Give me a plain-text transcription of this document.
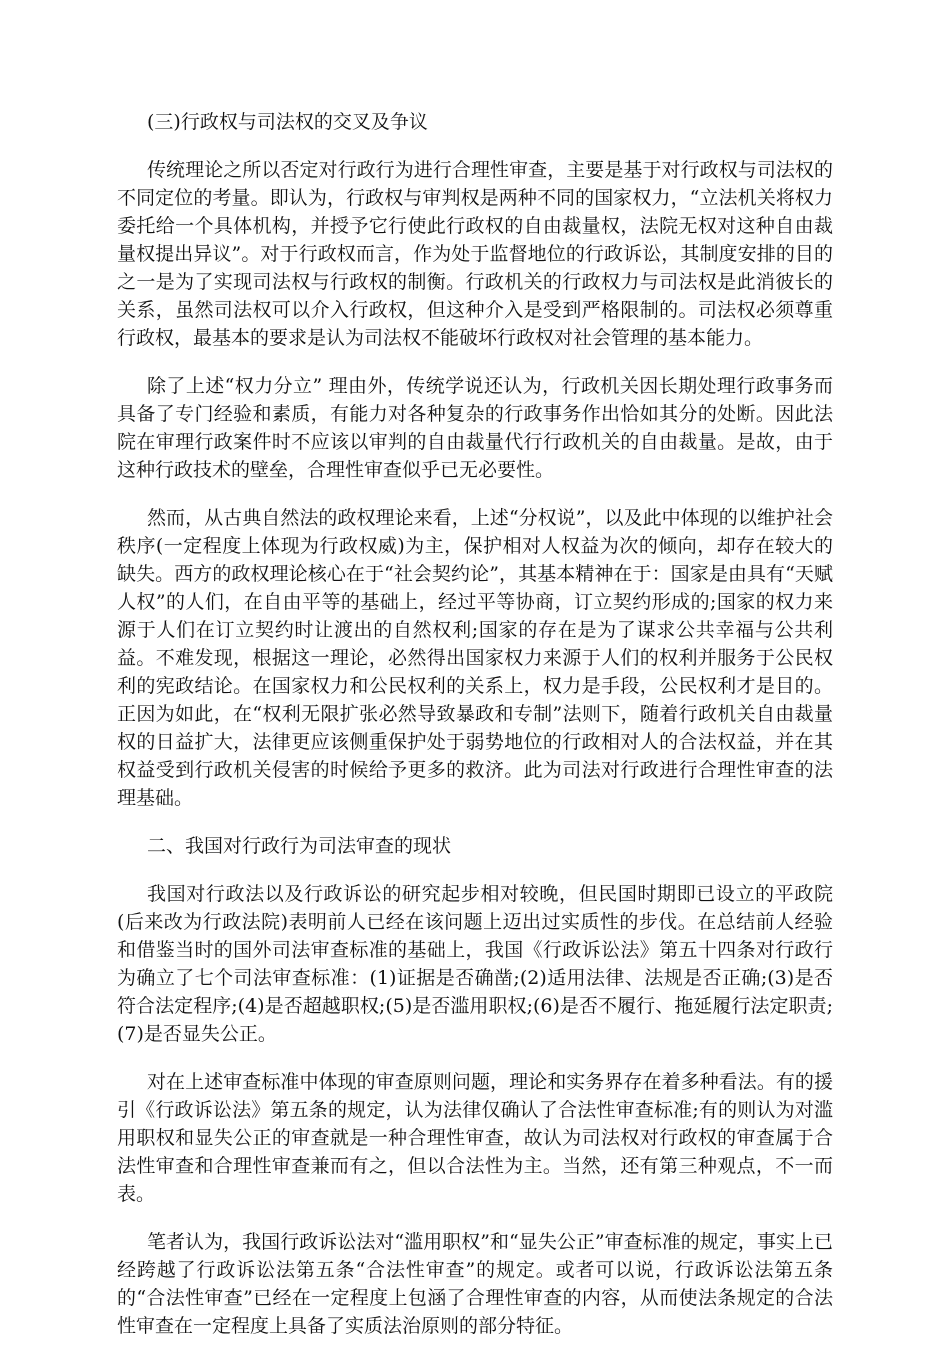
(三)行政权与司法权的交叉及争议

传统理论之所以否定对行政行为进行合理性审查，主要是基于对行政权与司法权的不同定位的考量。即认为，行政权与审判权是两种不同的国家权力，“立法机关将权力委托给一个具体机构，并授予它行使此行政权的自由裁量权，法院无权对这种自由裁量权提出异议”。对于行政权而言，作为处于监督地位的行政诉讼，其制度安排的目的之一是为了实现司法权与行政权的制衡。行政机关的行政权力与司法权是此消彼长的关系，虽然司法权可以介入行政权，但这种介入是受到严格限制的。司法权必须尊重行政权，最基本的要求是认为司法权不能破坏行政权对社会管理的基本能力。

除了上述“权力分立” 理由外，传统学说还认为，行政机关因长期处理行政事务而具备了专门经验和素质，有能力对各种复杂的行政事务作出恰如其分的处断。因此法院在审理行政案件时不应该以审判的自由裁量代行行政机关的自由裁量。是故，由于这种行政技术的壁垒，合理性审查似乎已无必要性。

然而，从古典自然法的政权理论来看，上述“分权说”，以及此中体现的以维护社会秩序(一定程度上体现为行政权威)为主，保护相对人权益为次的倾向，却存在较大的缺失。西方的政权理论核心在于“社会契约论”，其基本精神在于：国家是由具有“天赋人权”的人们，在自由平等的基础上，经过平等协商，订立契约形成的;国家的权力来源于人们在订立契约时让渡出的自然权利;国家的存在是为了谋求公共幸福与公共利益。不难发现，根据这一理论，必然得出国家权力来源于人们的权利并服务于公民权利的宪政结论。在国家权力和公民权利的关系上，权力是手段，公民权利才是目的。正因为如此，在“权利无限扩张必然导致暴政和专制”法则下，随着行政机关自由裁量权的日益扩大，法律更应该侧重保护处于弱势地位的行政相对人的合法权益，并在其权益受到行政机关侵害的时候给予更多的救济。此为司法对行政进行合理性审查的法理基础。

二、我国对行政行为司法审查的现状

我国对行政法以及行政诉讼的研究起步相对较晚，但民国时期即已设立的平政院(后来改为行政法院)表明前人已经在该问题上迈出过实质性的步伐。在总结前人经验和借鉴当时的国外司法审查标准的基础上，我国《行政诉讼法》第五十四条对行政行为确立了七个司法审查标准：(1)证据是否确凿;(2)适用法律、法规是否正确;(3)是否符合法定程序;(4)是否超越职权;(5)是否滥用职权;(6)是否不履行、拖延履行法定职责;(7)是否显失公正。

对在上述审查标准中体现的审查原则问题，理论和实务界存在着多种看法。有的援引《行政诉讼法》第五条的规定，认为法律仅确认了合法性审查标准;有的则认为对滥用职权和显失公正的审查就是一种合理性审查，故认为司法权对行政权的审查属于合法性审查和合理性审查兼而有之，但以合法性为主。当然，还有第三种观点，不一而表。

笔者认为，我国行政诉讼法对“滥用职权”和“显失公正”审查标准的规定，事实上已经跨越了行政诉讼法第五条“合法性审查”的规定。或者可以说，行政诉讼法第五条的“合法性审查”已经在一定程度上包涵了合理性审查的内容，从而使法条规定的合法性审查在一定程度上具备了实质法治原则的部分特征。
